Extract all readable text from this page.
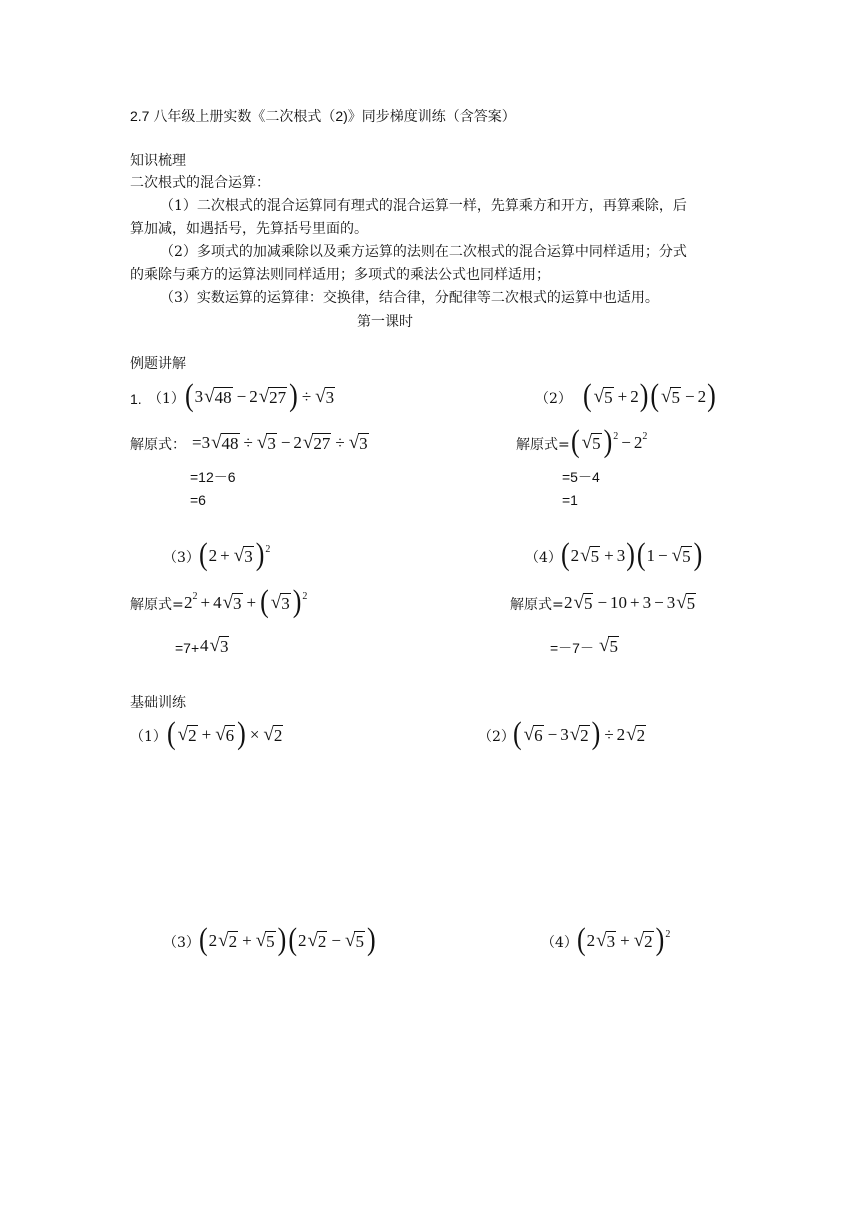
2.7 八年级上册实数《二次根式（2)》同步梯度训练（含答案）
知识梳理
二次根式的混合运算：
（1）二次根式的混合运算同有理式的混合运算一样，先算乘方和开方，再算乘除，后
算加减，如遇括号，先算括号里面的。
（2）多项式的加减乘除以及乘方运算的法则在二次根式的混合运算中同样适用；分式
的乘除与乘方的运算法则同样适用；多项式的乘法公式也同样适用；
（3）实数运算的运算律：交换律，结合律，分配律等二次根式的运算中也适用。
第一课时
例题讲解
1. （1） (3 √ 48 − 2 √ 27 ) ÷ √ 3	（2） ( √ 5 + 2)( √ 5 − 2)
解原式： =3 √ 48 ÷ √ 3 − 2 √ 27 ÷ √ 3
=12－6
=6
解原式= ( √ 5 )$^2 - 2^2$
=5－4
=1
（3） (2 + √ 3 )$^2$
（4） (2 √ 5 + 3)(1 − √ 5 )
解原式= $2^2 + 4$ √ 3 + ( √ 3 )$^2$
=7+ 4 √ 3
解原式= 2 √ 5 − 10 + 3 − 3 √ 5
=－7－ √ 5
基础训练
（1） ( √ 2 + √ 6 ) × √ 2	（2）
( √ 6 − 3 √ 2 ) ÷ 2 √ 2
（3） (2 √ 2 + √ 5 )(2 √ 2 − √ 5 )	（4） (2 √ 3 + √ 2 )$^2$
